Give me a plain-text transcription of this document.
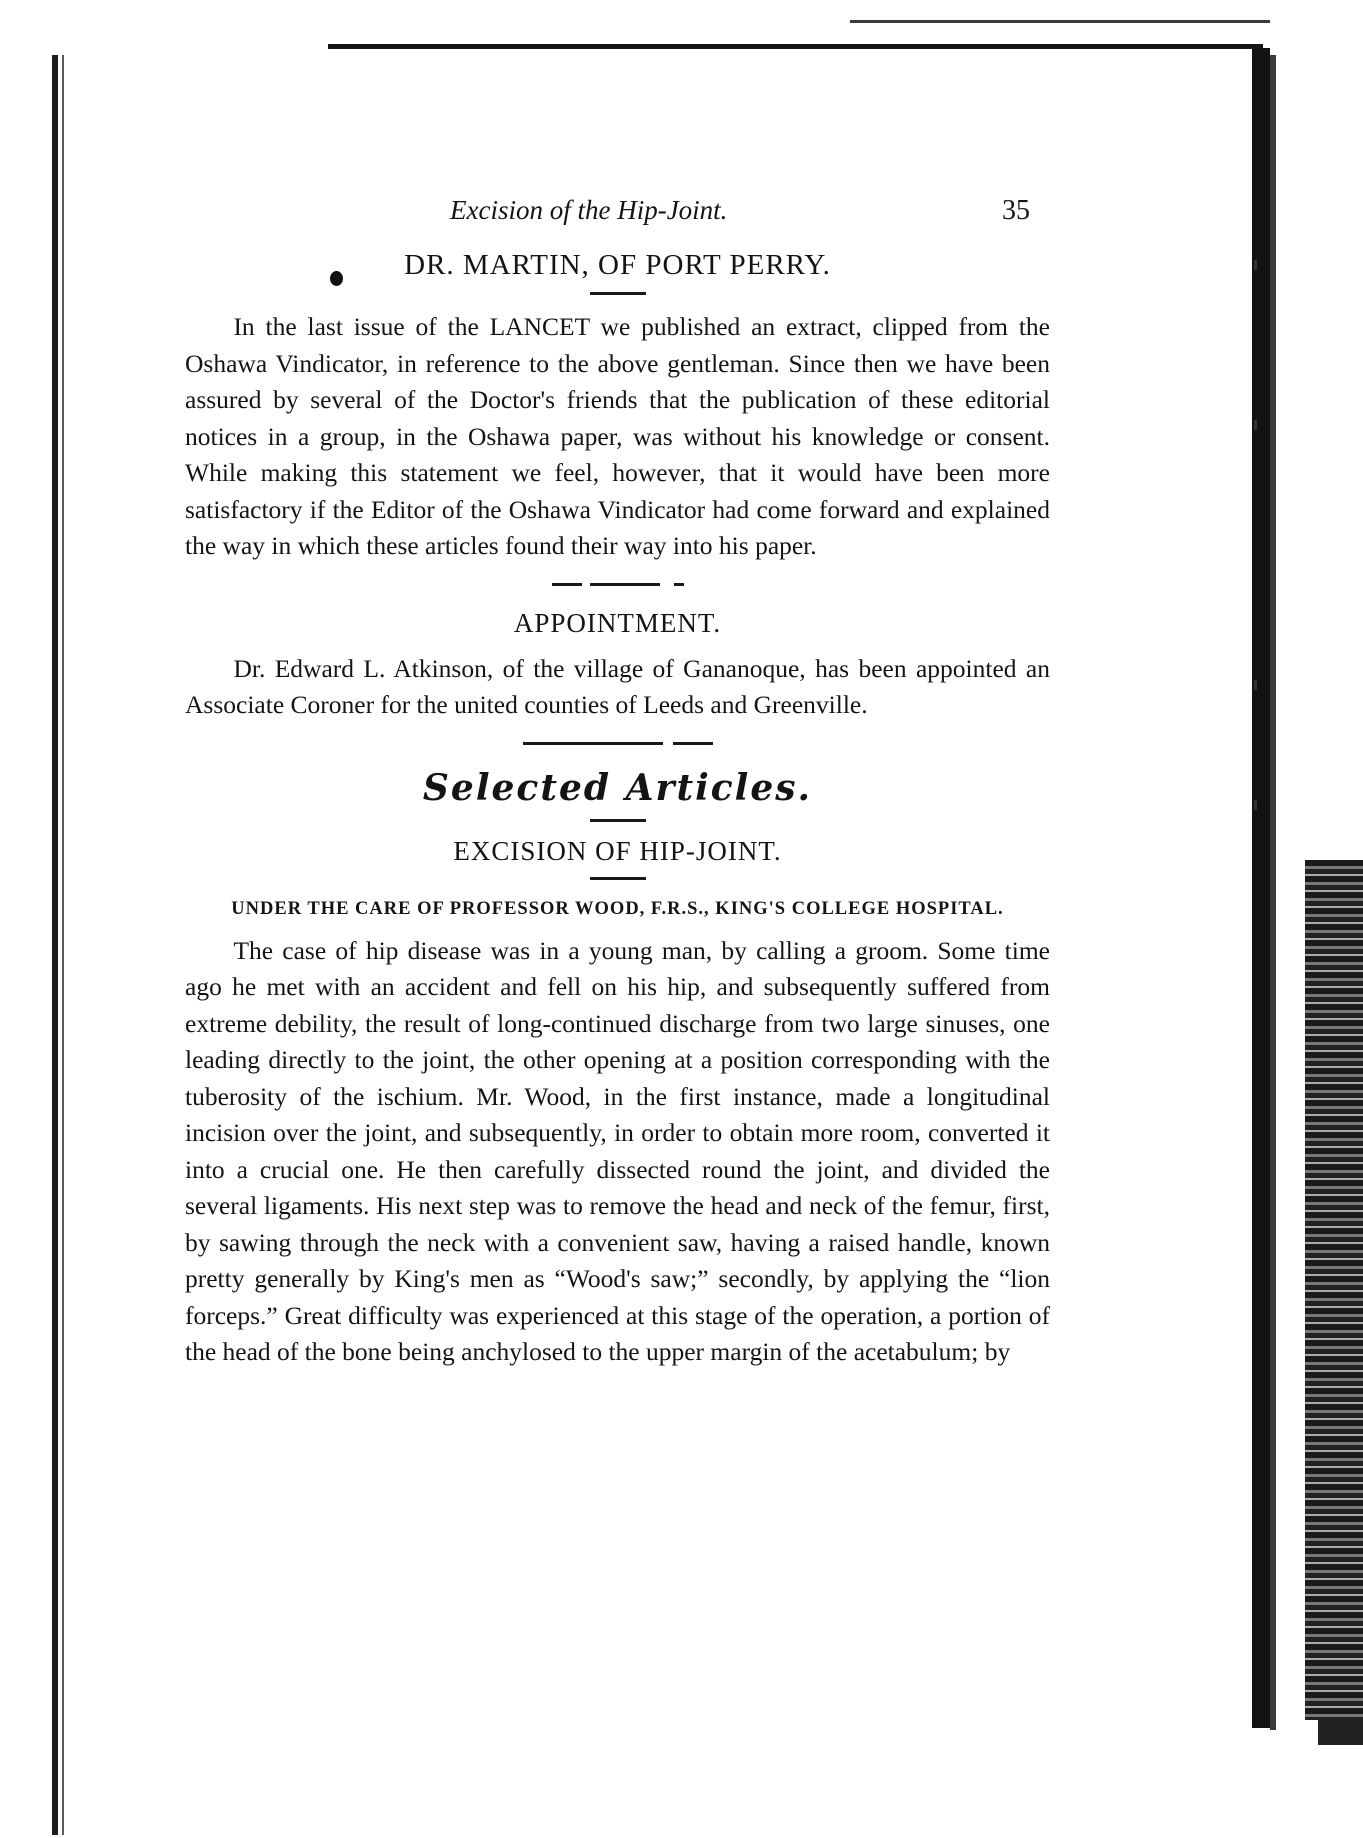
Excision of the Hip-Joint.	35
DR. MARTIN, OF PORT PERRY.

In the last issue of the LANCET we published an extract, clipped from the Oshawa Vindicator, in reference to the above gentleman. Since then we have been assured by several of the Doctor's friends that the publication of these editorial notices in a group, in the Oshawa paper, was without his knowledge or consent. While making this statement we feel, however, that it would have been more satisfactory if the Editor of the Oshawa Vindicator had come forward and explained the way in which these articles found their way into his paper.

APPOINTMENT.

Dr. Edward L. Atkinson, of the village of Gananoque, has been appointed an Associate Coroner for the united counties of Leeds and Greenville.

Selected Articles.
EXCISION OF HIP-JOINT.
UNDER THE CARE OF PROFESSOR WOOD, F.R.S., KING'S COLLEGE HOSPITAL.

The case of hip disease was in a young man, by calling a groom. Some time ago he met with an accident and fell on his hip, and subsequently suffered from extreme debility, the result of long-continued discharge from two large sinuses, one leading directly to the joint, the other opening at a position corresponding with the tuberosity of the ischium. Mr. Wood, in the first instance, made a longitudinal incision over the joint, and subsequently, in order to obtain more room, converted it into a crucial one. He then carefully dissected round the joint, and divided the several ligaments. His next step was to remove the head and neck of the femur, first, by sawing through the neck with a convenient saw, having a raised handle, known pretty generally by King's men as “Wood's saw;” secondly, by applying the “lion forceps.” Great difficulty was experienced at this stage of the operation, a portion of the head of the bone being anchylosed to the upper margin of the acetabulum; by
